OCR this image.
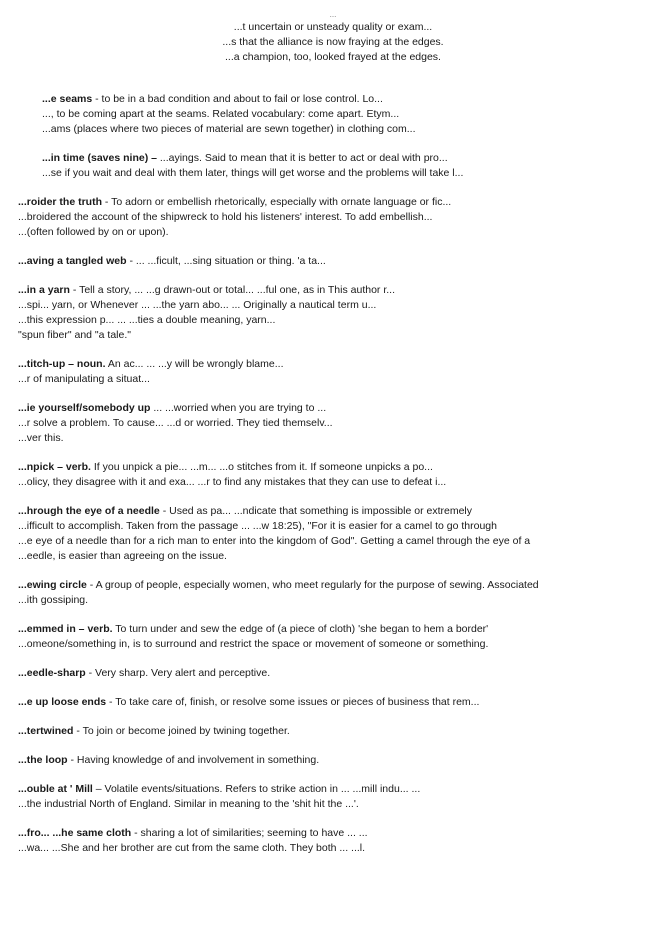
...
...t uncertain or unsteady quality or exam...
...s that the alliance is now fraying at the edges.
...a champion, too, looked frayed at the edges.
...e seams - to be in a bad condition and about to fail or lose control. Lo...
..., to be coming apart at the seams. Related vocabulary: come apart. Etym...
...ams (places where two pieces of material are sewn together) in clothing com...
...in time (saves nine) – ...ayings. Said to mean that it is better to act or deal with pro...
...se if you wait and deal with them later, things will get worse and the problems will take l...
...roider the truth - To adorn or embellish rhetorically, especially with ornate language or fic...
...broidered the account of the shipwreck to hold his listeners' interest. To add embellish...
...(often followed by on or upon).
...aving a tangled web - ... ...ficult, ...sing situation or thing. 'a ta...
...in a yarn - Tell a story, ... ...g drawn-out or total... ...ful one, as in This author r...
...spi... yarn, or Whenever ... ...the yarn abo... ... Originally a nautical term u...
...this expression p... ... ...ties a double meaning, yarn...
"spun fiber" and "a tale."
...titch-up – noun. An ac... ... ...y will be wrongly blame...
...r of manipulating a situat...
...ie yourself/somebody up ... ...worried when you are trying to ...
...r solve a problem. To cause... ...d or worried. They tied themselv...
...ver this.
...npick – verb. If you unpick a pie... ...m... ...o stitches from it. If someone unpicks a po...
...olicy, they disagree with it and exa... ...r to find any mistakes that they can use to defeat i...
...hrough the eye of a needle - Used as pa... ...ndicate that something is impossible or extremely
...ifficult to accomplish. Taken from the passage ... ...w 18:25), "For it is easier for a camel to go through
...e eye of a needle than for a rich man to enter into the kingdom of God". Getting a camel through the eye of a
...eedle, is easier than agreeing on the issue.
...ewing circle - A group of people, especially women, who meet regularly for the purpose of sewing. Associated
...ith gossiping.
...emmed in – verb. To turn under and sew the edge of (a piece of cloth) 'she began to hem a border'
...omeone/something in, is to surround and restrict the space or movement of someone or something.
...eedle-sharp - Very sharp. Very alert and perceptive.
...e up loose ends - To take care of, finish, or resolve some issues or pieces of business that rem...
...tertwined - To join or become joined by twining together.
...the loop - Having knowledge of and involvement in something.
...ouble at ' Mill – Volatile events/situations. Refers to strike action in ... ...mill indu... ...
...the industrial North of England. Similar in meaning to the 'shit hit the ...'.
...fro... ...he same cloth - sharing a lot of similarities; seeming to have ... ...
...wa... ...She and her brother are cut from the same cloth. They both ... ...l.
